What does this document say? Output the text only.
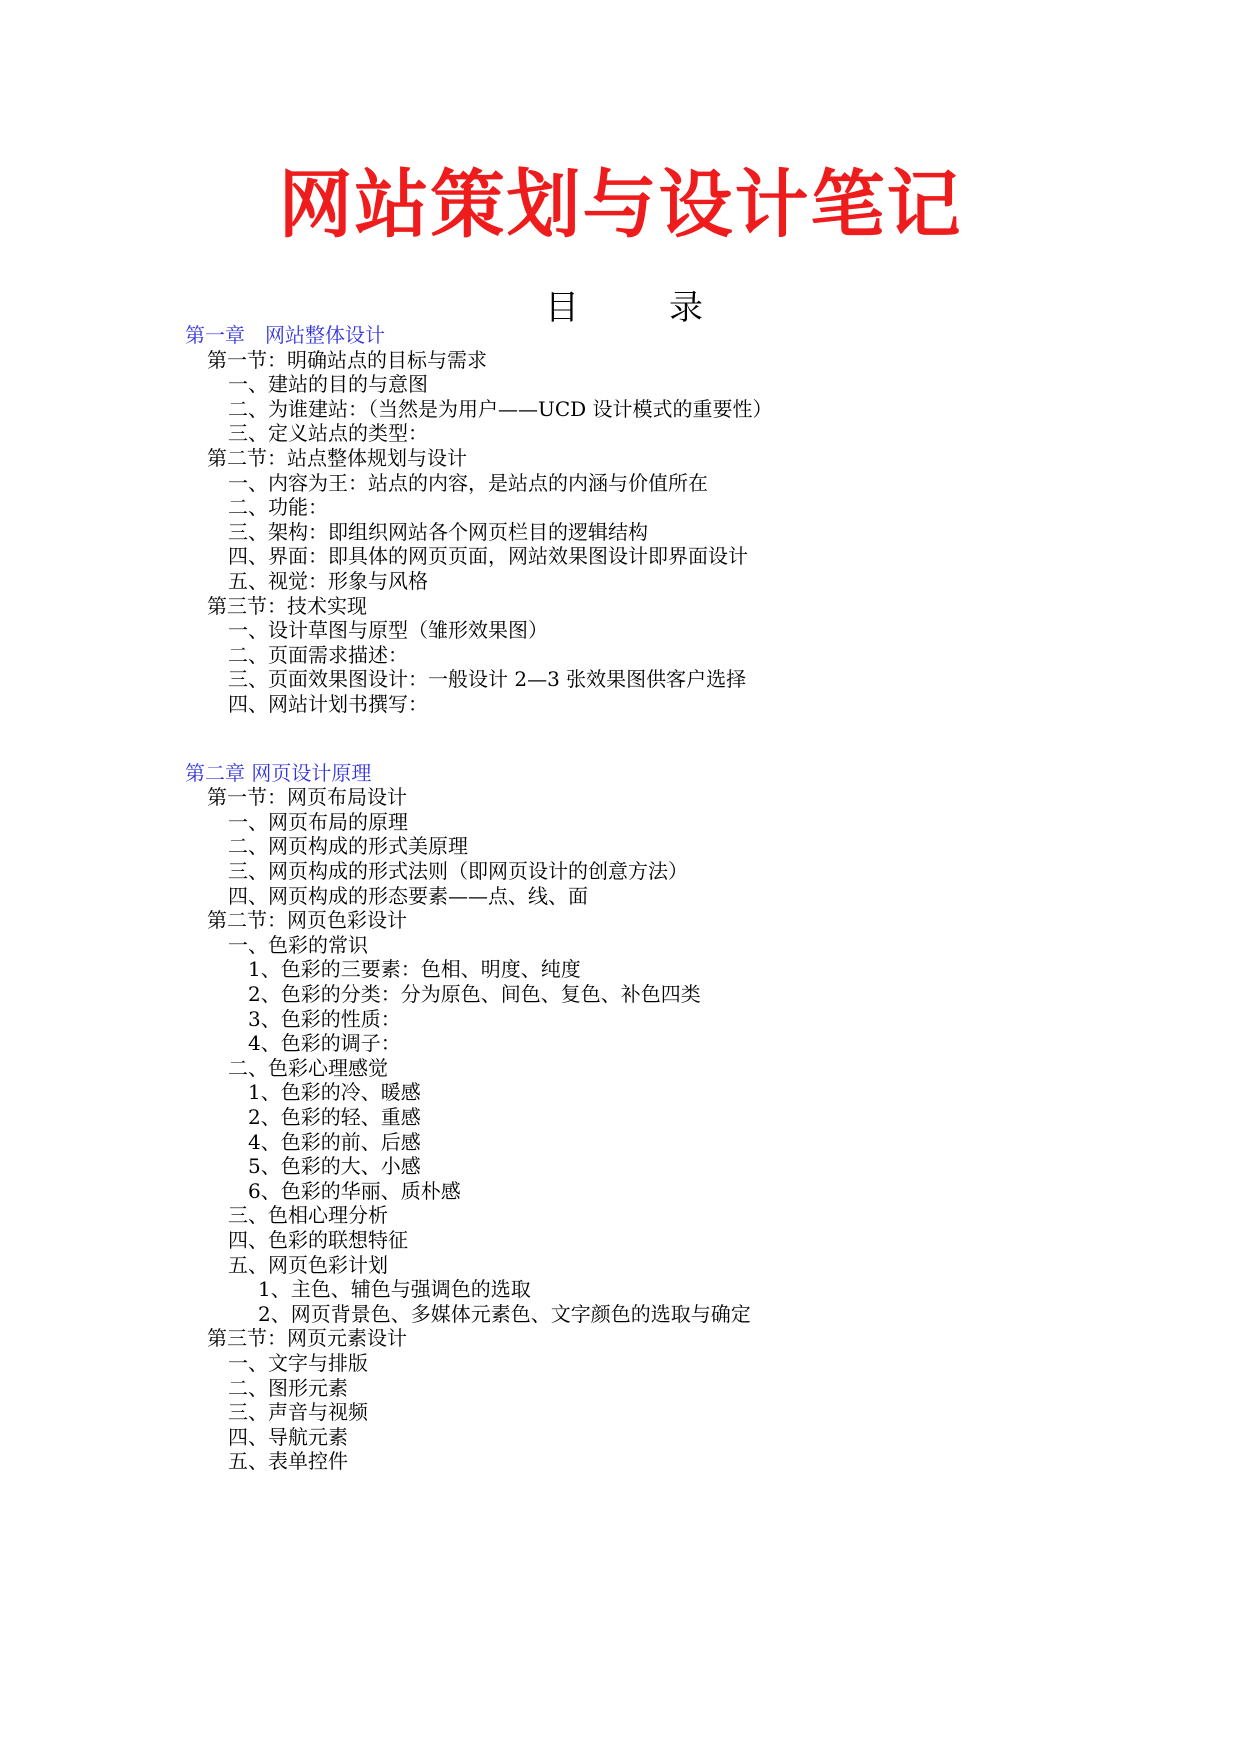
网站策划与设计笔记
目	录
第一章　网站整体设计
第一节：明确站点的目标与需求
一、建站的目的与意图
二、为谁建站：（当然是为用户——UCD 设计模式的重要性）
三、定义站点的类型：
第二节：站点整体规划与设计
一、内容为王：站点的内容，是站点的内涵与价值所在
二、功能：
三、架构：即组织网站各个网页栏目的逻辑结构
四、界面：即具体的网页页面，网站效果图设计即界面设计
五、视觉：形象与风格
第三节：技术实现
一、设计草图与原型（雏形效果图）
二、页面需求描述：
三、页面效果图设计：一般设计 2—3 张效果图供客户选择
四、网站计划书撰写：
第二章 网页设计原理
第一节：网页布局设计
一、网页布局的原理
二、网页构成的形式美原理
三、网页构成的形式法则（即网页设计的创意方法）
四、网页构成的形态要素——点、线、面
第二节：网页色彩设计
一、色彩的常识
1、色彩的三要素：色相、明度、纯度
2、色彩的分类：分为原色、间色、复色、补色四类
3、色彩的性质：
4、色彩的调子：
二、色彩心理感觉
1、色彩的冷、暖感
2、色彩的轻、重感
4、色彩的前、后感
5、色彩的大、小感
6、色彩的华丽、质朴感
三、色相心理分析
四、色彩的联想特征
五、网页色彩计划
1、主色、辅色与强调色的选取
2、网页背景色、多媒体元素色、文字颜色的选取与确定
第三节：网页元素设计
一、文字与排版
二、图形元素
三、声音与视频
四、导航元素
五、表单控件
